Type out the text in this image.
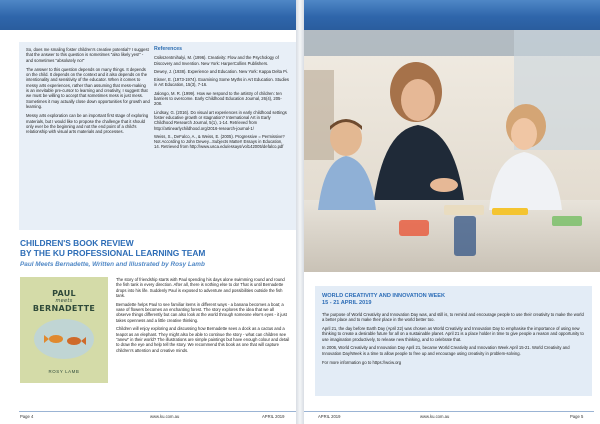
So, does me smaling foster children's creative potential? I suggest that the answer to this question is sometimes "also likely yes!" - and sometimes "absolutely no!"

The answer to this question depends on many things. It depends on the child. It depends on the context and it also depends on the intentionality and sensitivity of the educator. When it comes to messy arts experiences, rather than assuming that mess-making is an inevitable pre-cursor to learning and creativity, I suggest that we must be willing to accept that sometimes mess is just mess. Sometimes it may actually close down opportunities for growth and learning.

Messy arts exploration can be an important first stage of exploring materials, but I would like to propose the challenge that it should only ever be the beginning and not the end point of a child's relationship with visual arts materials and processes.

References

Csikszentmihalyi, M. (1996). Creativity: Flow and the Psychology of Discovery and Invention. New York: HarperCollins Publishers.

Dewey, J. (1938). Experience and Education. New York: Kappa Delta Pi.

Eisner, E. (1973-1974). Examining Some Myths in Art Education. Studies in Art Education, 15(3), 7-16.

Jalongo, M. R. (1999). How we respond to the artistry of children: ten barriers to overcome. Early Childhood Education Journal, 26(4), 205-208.

Lindsay, G. (2016). Do visual art experiences in early childhood settings foster educative growth or stagnation? International Art in Early Childhood Research Journal, 5(1), 1-14. Retrieved from http://artinearlychildhood.org/2016-research-journal-1/

Weiss, S., DeFalco, A., & Weiss, E. (2005). Progressive = Permissive? Not According to John Dewey...Subjects Matter! Essays in Education, 14. Retrieved from http://www.usca.edu/essays/vol142005/defalco.pdf

CHILDREN'S BOOK REVIEW
BY THE KU PROFESSIONAL LEARNING TEAM
Paul Meets Bernadette, Written and Illustrated by Rosy Lamb
PAUL
meets
BERNADETTE
ROSY LAMB

The story of friendship starts with Paul spending his days alone swimming round and round the fish tank in every direction. After all, there is nothing else to do! That is until Bernadette drops into his life. Suddenly Paul is exposed to adventure and possibilities outside the fish tank.

Bernadette helps Paul to see familiar items in different ways - a banana becomes a boat; a vase of flowers becomes an enchanting forest. The story explores the idea that we all observe things differently but can also look at the world through someone else's eyes - it just takes openness and a little creative thinking.

Children will enjoy exploring and discussing how Bernadette sees a dock as a cactus and a teapot as an elephant. They might also be able to continue the story - what can children see "anew" in their world? The illustrations are simple paintings but have enough colour and detail to draw the eye and help tell the story. We recommend this book as one that will capture children's attention and creative minds.

WORLD CREATIVITY AND INNOVATION WEEK
15 - 21 APRIL 2019

The purpose of World Creativity and Innovation Day was, and still is, to remind and encourage people to use their creativity to make the world a better place and to make their place in the world better too.

April 21, the day before Earth Day (April 22) was chosen as World Creativity and Innovation Day to emphasise the importance of using new thinking to create a desirable future for all on a sustainable planet. April 21 is a place holder in time to give people a reason and opportunity to use imagination productively, to release new thinking, and to celebrate that.

In 2006, World Creativity and Innovation Day April 21, became World Creativity and Innovation Week April 15-21. World Creativity and Innovation Day/Week is a time to allow people to free up and encourage using creativity in problem-solving.

For more information go to https://wciw.org

Page 4	www.ku.com.au	APRIL 2019	APRIL 2019	www.ku.com.au	Page 5
